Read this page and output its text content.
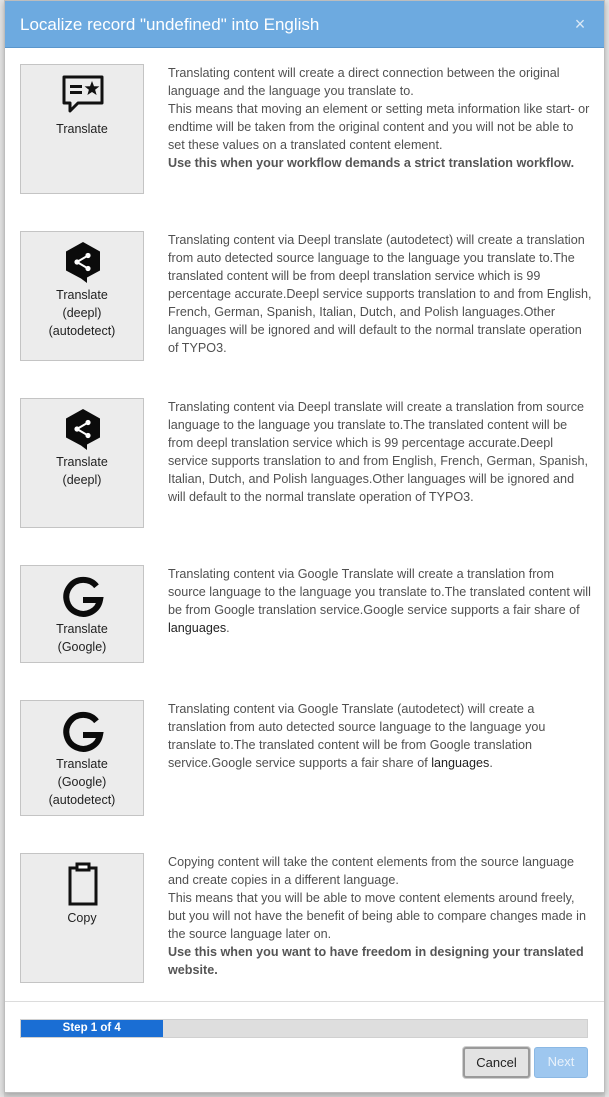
Localize record "undefined" into English	×
Translate

Translating content will create a direct connection between the original language and the language you translate to.

This means that moving an element or setting meta information like start- or endtime will be taken from the original content and you will not be able to set these values on a translated content element.

Use this when your workflow demands a strict translation workflow.

Translate
(deepl)
(autodetect)

Translating content via Deepl translate (autodetect) will create a translation from auto detected source language to the language you translate to.The translated content will be from deepl translation service which is 99 percentage accurate.Deepl service supports translation to and from English, French, German, Spanish, Italian, Dutch, and Polish languages.Other languages will be ignored and will default to the normal translate operation of TYPO3.

Translate
(deepl)

Translating content via Deepl translate will create a translation from source language to the language you translate to.The translated content will be from deepl translation service which is 99 percentage accurate.Deepl service supports translation to and from English, French, German, Spanish, Italian, Dutch, and Polish languages.Other languages will be ignored and will default to the normal translate operation of TYPO3.

Translate
(Google)

Translating content via Google Translate will create a translation from source language to the language you translate to.The translated content will be from Google translation service.Google service supports a fair share of languages.

Translate
(Google)
(autodetect)

Translating content via Google Translate (autodetect) will create a translation from auto detected source language to the language you translate to.The translated content will be from Google translation service.Google service supports a fair share of languages.

Copy

Copying content will take the content elements from the source language and create copies in a different language.

This means that you will be able to move content elements around freely, but you will not have the benefit of being able to compare changes made in the source language later on.

Use this when you want to have freedom in designing your translated website.

Step 1 of 4
Cancel	Next
